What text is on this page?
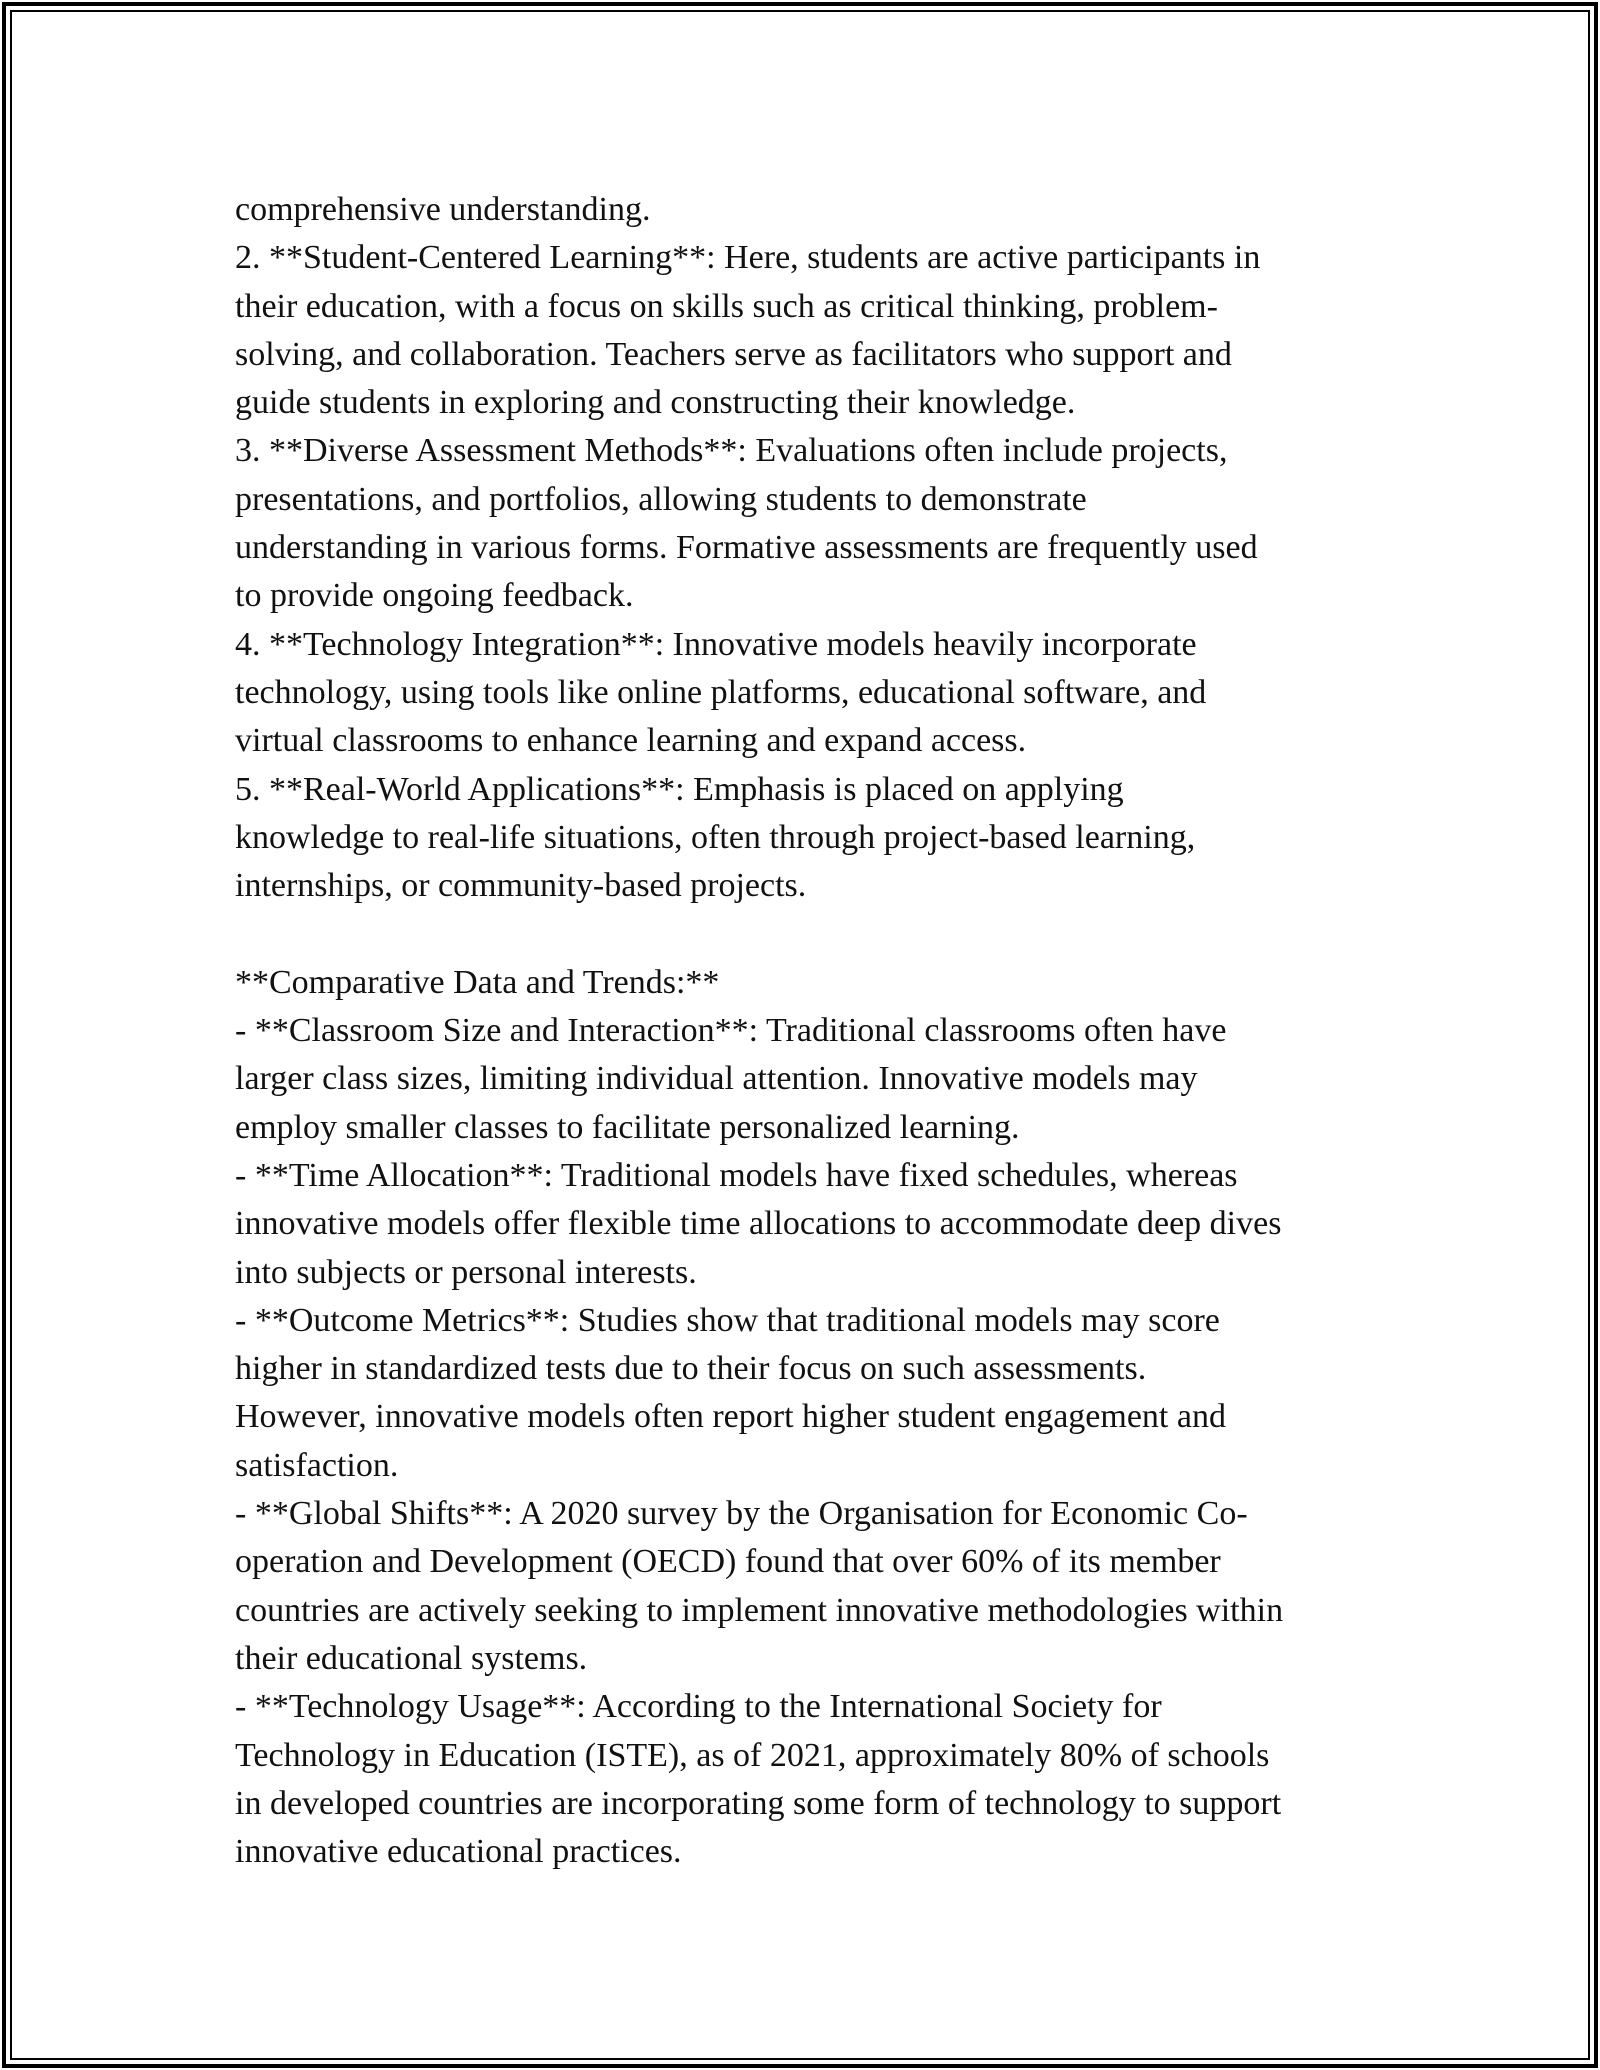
comprehensive understanding.
2. **Student-Centered Learning**: Here, students are active participants in
their education, with a focus on skills such as critical thinking, problem-
solving, and collaboration. Teachers serve as facilitators who support and
guide students in exploring and constructing their knowledge.
3. **Diverse Assessment Methods**: Evaluations often include projects,
presentations, and portfolios, allowing students to demonstrate
understanding in various forms. Formative assessments are frequently used
to provide ongoing feedback.
4. **Technology Integration**: Innovative models heavily incorporate
technology, using tools like online platforms, educational software, and
virtual classrooms to enhance learning and expand access.
5. **Real-World Applications**: Emphasis is placed on applying
knowledge to real-life situations, often through project-based learning,
internships, or community-based projects.
**Comparative Data and Trends:**
- **Classroom Size and Interaction**: Traditional classrooms often have
larger class sizes, limiting individual attention. Innovative models may
employ smaller classes to facilitate personalized learning.
- **Time Allocation**: Traditional models have fixed schedules, whereas
innovative models offer flexible time allocations to accommodate deep dives
into subjects or personal interests.
- **Outcome Metrics**: Studies show that traditional models may score
higher in standardized tests due to their focus on such assessments.
However, innovative models often report higher student engagement and
satisfaction.
- **Global Shifts**: A 2020 survey by the Organisation for Economic Co-
operation and Development (OECD) found that over 60% of its member
countries are actively seeking to implement innovative methodologies within
their educational systems.
- **Technology Usage**: According to the International Society for
Technology in Education (ISTE), as of 2021, approximately 80% of schools
in developed countries are incorporating some form of technology to support
innovative educational practices.
